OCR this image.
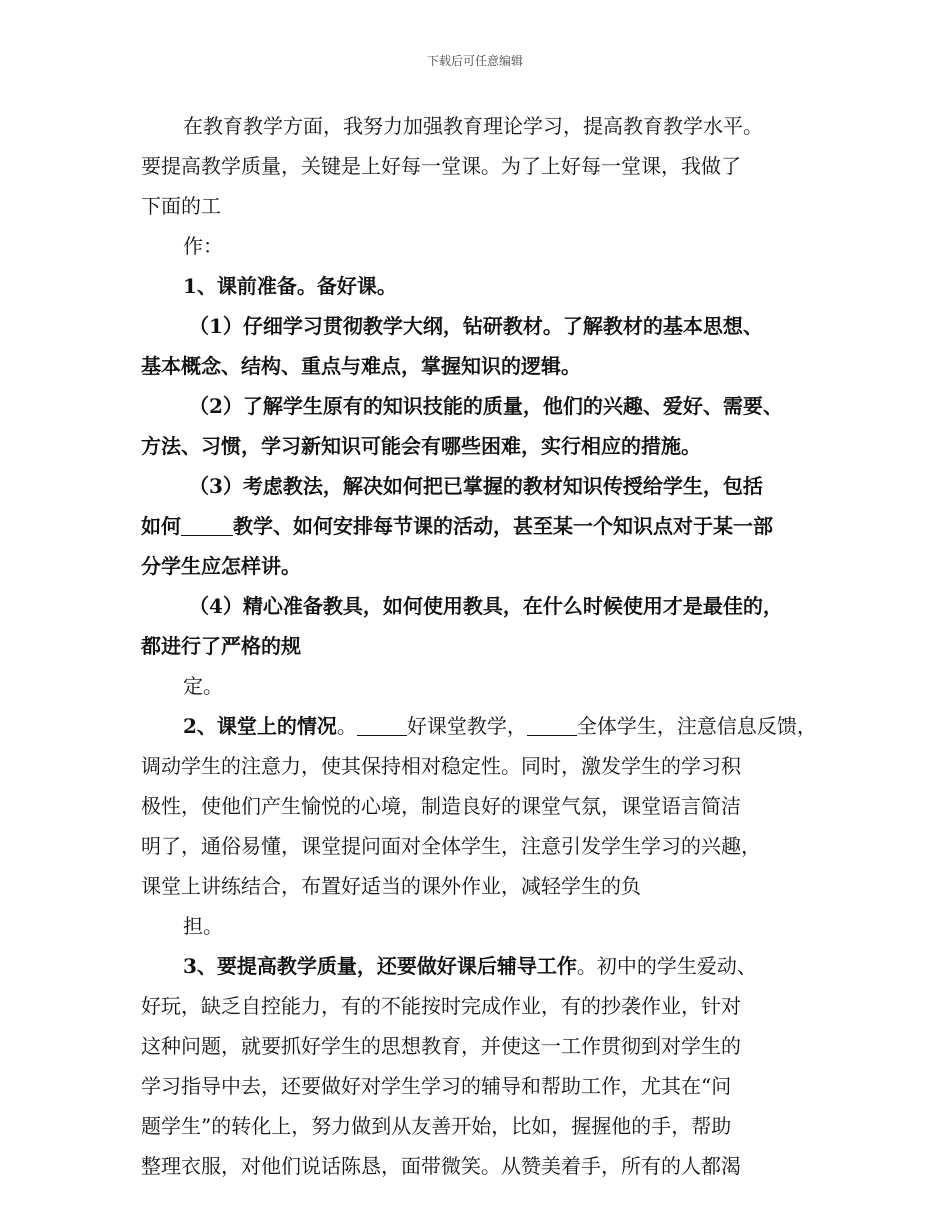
下载后可任意编辑
在教育教学方面，我努力加强教育理论学习，提高教育教学水平。
要提高教学质量，关键是上好每一堂课。为了上好每一堂课，我做了
下面的工
作：
1、课前准备。备好课。
（1）仔细学习贯彻教学大纲，钻研教材。了解教材的基本思想、
基本概念、结构、重点与难点，掌握知识的逻辑。
（2）了解学生原有的知识技能的质量，他们的兴趣、爱好、需要、
方法、习惯，学习新知识可能会有哪些困难，实行相应的措施。
（3）考虑教法，解决如何把已掌握的教材知识传授给学生，包括
如何	教学、如何安排每节课的活动，甚至某一个知识点对于某一部
分学生应怎样讲。
（4）精心准备教具，如何使用教具，在什么时候使用才是最佳的，
都进行了严格的规
定。
2、课堂上的情况。	好课堂教学，	全体学生，注意信息反馈，
调动学生的注意力，使其保持相对稳定性。同时，激发学生的学习积
极性，使他们产生愉悦的心境，制造良好的课堂气氛，课堂语言简洁
明了，通俗易懂，课堂提问面对全体学生，注意引发学生学习的兴趣，
课堂上讲练结合，布置好适当的课外作业，减轻学生的负
担。
3、要提高教学质量，还要做好课后辅导工作。初中的学生爱动、
好玩，缺乏自控能力，有的不能按时完成作业，有的抄袭作业，针对
这种问题，就要抓好学生的思想教育，并使这一工作贯彻到对学生的
学习指导中去，还要做好对学生学习的辅导和帮助工作，尤其在“问
题学生”的转化上，努力做到从友善开始，比如，握握他的手，帮助
整理衣服，对他们说话陈恳，面带微笑。从赞美着手，所有的人都渴
